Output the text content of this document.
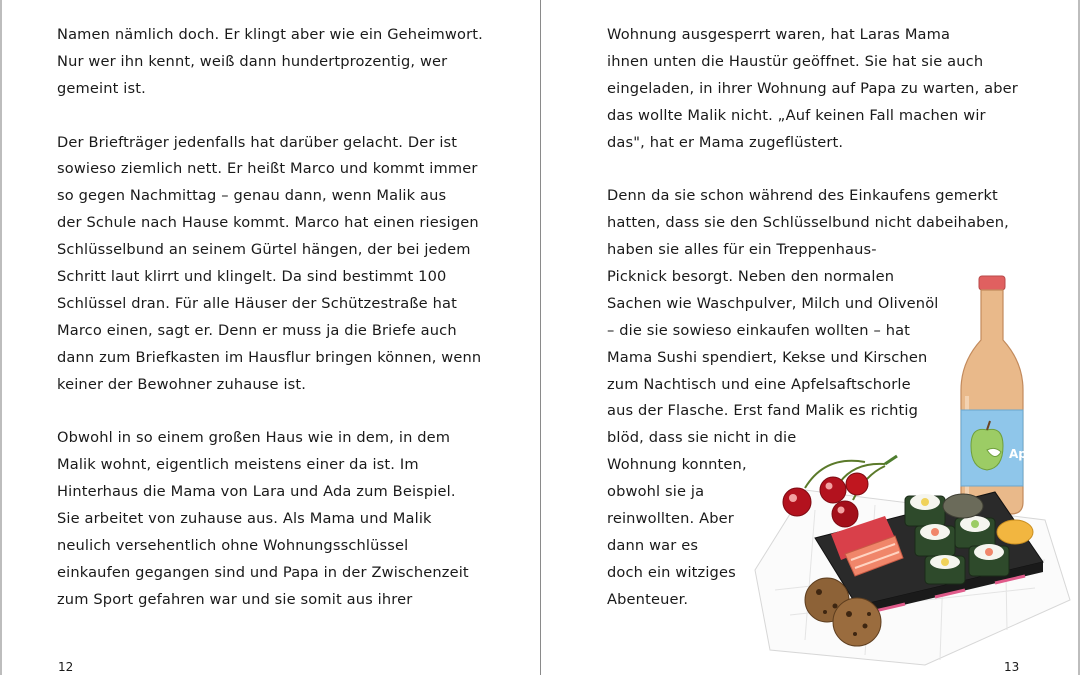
Namen nämlich doch. Er klingt aber wie ein Geheimwort.
Nur wer ihn kennt, weiß dann hundertprozentig, wer
gemeint ist.
Der Briefträger jedenfalls hat darüber gelacht. Der ist
sowieso ziemlich nett. Er heißt Marco und kommt immer
so gegen Nachmittag – genau dann, wenn Malik aus
der Schule nach Hause kommt. Marco hat einen riesigen
Schlüsselbund an seinem Gürtel hängen, der bei jedem
Schritt laut klirrt und klingelt. Da sind bestimmt 100
Schlüssel dran. Für alle Häuser der Schützestraße hat
Marco einen, sagt er. Denn er muss ja die Briefe auch
dann zum Briefkasten im Hausflur bringen können, wenn
keiner der Bewohner zuhause ist.
Obwohl in so einem großen Haus wie in dem, in dem
Malik wohnt, eigentlich meistens einer da ist. Im
Hinterhaus die Mama von Lara und Ada zum Beispiel.
Sie arbeitet von zuhause aus. Als Mama und Malik
neulich versehentlich ohne Wohnungsschlüssel
einkaufen gegangen sind und Papa in der Zwischenzeit
zum Sport gefahren war und sie somit aus ihrer
Wohnung ausgesperrt waren, hat Laras Mama
ihnen unten die Haustür geöffnet. Sie hat sie auch
eingeladen, in ihrer Wohnung auf Papa zu warten, aber
das wollte Malik nicht. „Auf keinen Fall machen wir
das", hat er Mama zugeflüstert.
Denn da sie schon während des Einkaufens gemerkt
hatten, dass sie den Schlüsselbund nicht dabeihaben,
haben sie alles für ein Treppenhaus-
Picknick besorgt. Neben den normalen
Sachen wie Waschpulver, Milch und Olivenöl
– die sie sowieso einkaufen wollten – hat
Mama Sushi spendiert, Kekse und Kirschen
zum Nachtisch und eine Apfelsaftschorle
aus der Flasche. Erst fand Malik es richtig
blöd, dass sie nicht in die
Wohnung konnten,
obwohl sie ja
reinwollten. Aber
dann war es
doch ein witziges
Abenteuer.
Ap
12	13
